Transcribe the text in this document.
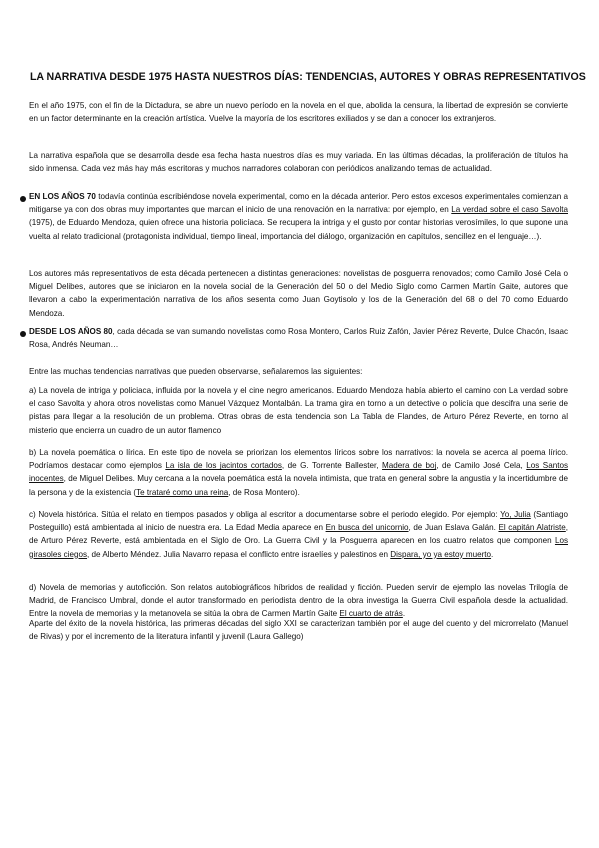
LA NARRATIVA DESDE 1975 HASTA NUESTROS DÍAS: TENDENCIAS, AUTORES Y OBRAS REPRESENTATIVOS

En el año 1975, con el fin de la Dictadura, se abre un nuevo período en la novela en el que, abolida la censura, la libertad de expresión se convierte en un factor determinante en la creación artística. Vuelve la mayoría de los escritores exiliados y se dan a conocer los extranjeros.

La narrativa española que se desarrolla desde esa fecha hasta nuestros días es muy variada. En las últimas décadas, la proliferación de títulos ha sido inmensa. Cada vez más hay más escritoras y muchos narradores colaboran con periódicos analizando temas de actualidad.

EN LOS AÑOS 70 todavía continúa escribiéndose novela experimental, como en la década anterior. Pero estos excesos experimentales comienzan a mitigarse ya con dos obras muy importantes que marcan el inicio de una renovación en la narrativa: por ejemplo, en La verdad sobre el caso Savolta (1975), de Eduardo Mendoza, quien ofrece una historia policíaca. Se recupera la intriga y el gusto por contar historias verosímiles, lo que supone una vuelta al relato tradicional (protagonista individual, tiempo lineal, importancia del diálogo, organización en capítulos, sencillez en el lenguaje…).

Los autores más representativos de esta década pertenecen a distintas generaciones: novelistas de posguerra renovados; como Camilo José Cela o Miguel Delibes, autores que se iniciaron en la novela social de la Generación del 50 o del Medio Siglo como Carmen Martín Gaite, autores que llevaron a cabo la experimentación narrativa de los años sesenta como Juan Goytisolo y los de la Generación del 68 o del 70 como Eduardo Mendoza.

DESDE LOS AÑOS 80, cada década se van sumando novelistas como Rosa Montero, Carlos Ruiz Zafón, Javier Pérez Reverte, Dulce Chacón, Isaac Rosa, Andrés Neuman…

Entre las muchas tendencias narrativas que pueden observarse, señalaremos las siguientes:

a) La novela de intriga y policiaca, influida por la novela y el cine negro americanos. Eduardo Mendoza había abierto el camino con La verdad sobre el caso Savolta y ahora otros novelistas como Manuel Vázquez Montalbán. La trama gira en torno a un detective o policía que descifra una serie de pistas para llegar a la resolución de un problema. Otras obras de esta tendencia son La Tabla de Flandes, de Arturo Pérez Reverte, en torno al misterio que encierra un cuadro de un autor flamenco

b) La novela poemática o lírica. En este tipo de novela se priorizan los elementos líricos sobre los narrativos: la novela se acerca al poema lírico. Podríamos destacar como ejemplos La isla de los jacintos cortados, de G. Torrente Ballester, Madera de boj, de Camilo José Cela, Los Santos inocentes, de Miguel Delibes. Muy cercana a la novela poemática está la novela intimista, que trata en general sobre la angustia y la incertidumbre de la persona y de la existencia (Te trataré como una reina, de Rosa Montero).

c) Novela histórica. Sitúa el relato en tiempos pasados y obliga al escritor a documentarse sobre el periodo elegido. Por ejemplo: Yo, Julia (Santiago Posteguillo) está ambientada al inicio de nuestra era. La Edad Media aparece en En busca del unicornio, de Juan Eslava Galán. El capitán Alatriste, de Arturo Pérez Reverte, está ambientada en el Siglo de Oro. La Guerra Civil y la Posguerra aparecen en los cuatro relatos que componen Los girasoles ciegos, de Alberto Méndez. Julia Navarro repasa el conflicto entre israelíes y palestinos en Dispara, yo ya estoy muerto.

d) Novela de memorias y autoficción. Son relatos autobiográficos híbridos de realidad y ficción. Pueden servir de ejemplo las novelas Trilogía de Madrid, de Francisco Umbral, donde el autor transformado en periodista dentro de la obra investiga la Guerra Civil española desde la actualidad. Entre la novela de memorias y la metanovela se sitúa la obra de Carmen Martín Gaite El cuarto de atrás.

Aparte del éxito de la novela histórica, las primeras décadas del siglo XXI se caracterizan también por el auge del cuento y del microrrelato (Manuel de Rivas) y por el incremento de la literatura infantil y juvenil (Laura Gallego)
